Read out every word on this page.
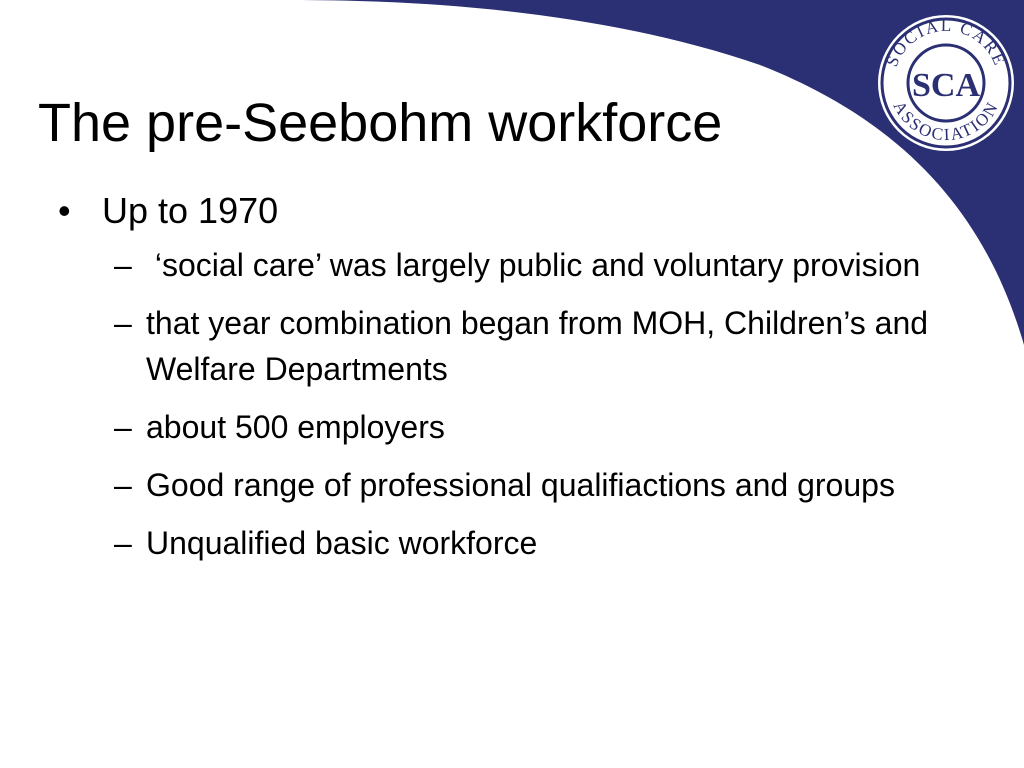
SOCIAL CARE
ASSOCIATION
SCA
The pre-Seebohm workforce
• Up to 1970
– ‘social care’ was largely public and voluntary provision
– that year combination began from MOH, Children’s and Welfare Departments
– about 500 employers
– Good range of professional qualifiactions and groups
– Unqualified basic workforce
